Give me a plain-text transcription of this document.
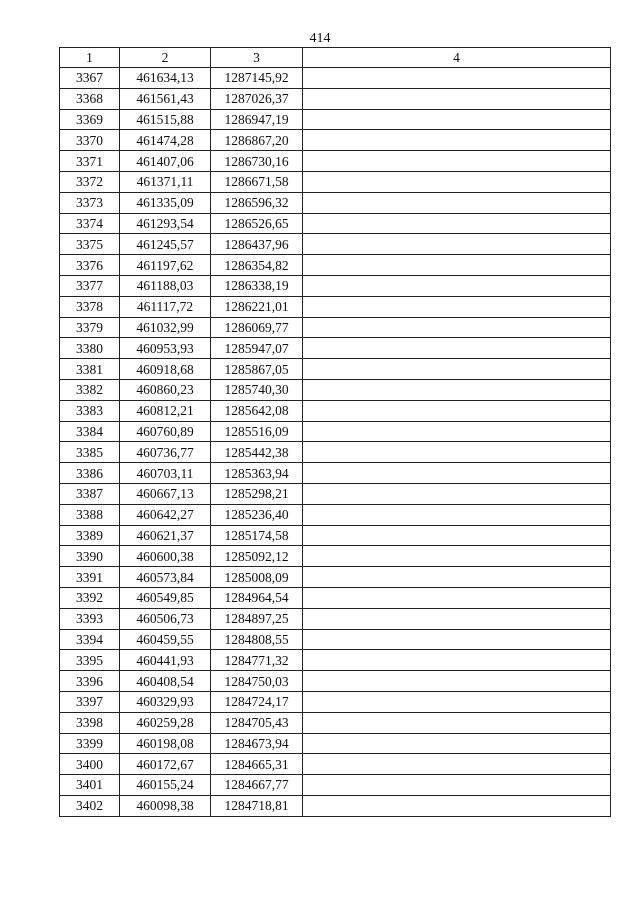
414
1	2	3	4
3367	461634,13	1287145,92	
3368	461561,43	1287026,37	
3369	461515,88	1286947,19	
3370	461474,28	1286867,20	
3371	461407,06	1286730,16	
3372	461371,11	1286671,58	
3373	461335,09	1286596,32	
3374	461293,54	1286526,65	
3375	461245,57	1286437,96	
3376	461197,62	1286354,82	
3377	461188,03	1286338,19	
3378	461117,72	1286221,01	
3379	461032,99	1286069,77	
3380	460953,93	1285947,07	
3381	460918,68	1285867,05	
3382	460860,23	1285740,30	
3383	460812,21	1285642,08	
3384	460760,89	1285516,09	
3385	460736,77	1285442,38	
3386	460703,11	1285363,94	
3387	460667,13	1285298,21	
3388	460642,27	1285236,40	
3389	460621,37	1285174,58	
3390	460600,38	1285092,12	
3391	460573,84	1285008,09	
3392	460549,85	1284964,54	
3393	460506,73	1284897,25	
3394	460459,55	1284808,55	
3395	460441,93	1284771,32	
3396	460408,54	1284750,03	
3397	460329,93	1284724,17	
3398	460259,28	1284705,43	
3399	460198,08	1284673,94	
3400	460172,67	1284665,31	
3401	460155,24	1284667,77	
3402	460098,38	1284718,81	
